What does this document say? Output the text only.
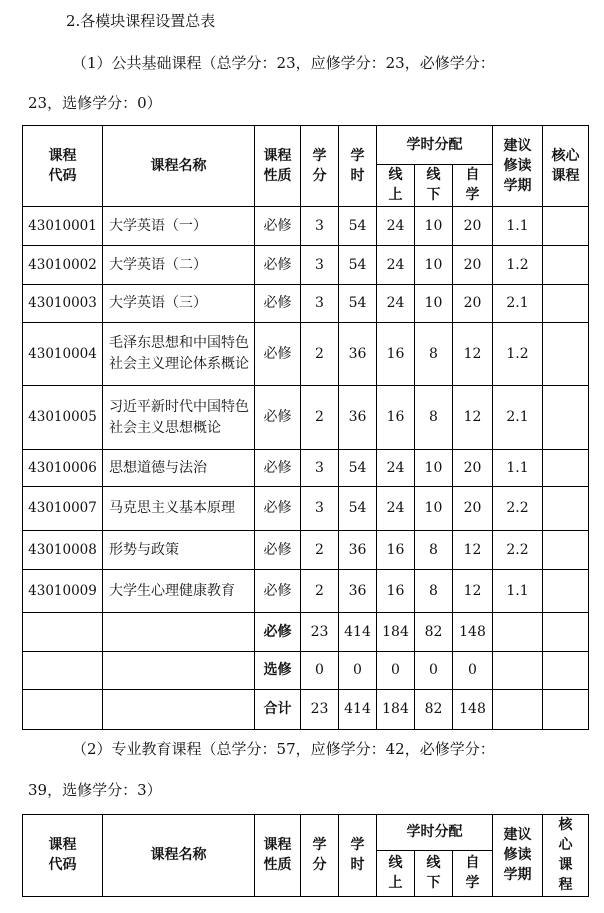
2.各模块课程设置总表
（1）公共基础课程（总学分：23，应修学分：23，必修学分：
23，选修学分：0）
课程代码	课程名称	课程性质	学分	学时	学时分配			建议修读学期	核心课程
					线上	线下	自学		
43010001	大学英语（一）	必修	3	54	24	10	20	1.1	
43010002	大学英语（二）	必修	3	54	24	10	20	1.2	
43010003	大学英语（三）	必修	3	54	24	10	20	2.1	
43010004	毛泽东思想和中国特色社会主义理论体系概论	必修	2	36	16	8	12	1.2	
43010005	习近平新时代中国特色社会主义思想概论	必修	2	36	16	8	12	2.1	
43010006	思想道德与法治	必修	3	54	24	10	20	1.1	
43010007	马克思主义基本原理	必修	3	54	24	10	20	2.2	
43010008	形势与政策	必修	2	36	16	8	12	2.2	
43010009	大学生心理健康教育	必修	2	36	16	8	12	1.1	
		必修	23	414	184	82	148		
		选修	0	0	0	0	0		
		合计	23	414	184	82	148		
（2）专业教育课程（总学分：57，应修学分：42，必修学分：
39，选修学分：3）
课程代码	课程名称	课程性质	学分	学时	学时分配			建议修读学期	核心课程
					线上	线下	自学		
